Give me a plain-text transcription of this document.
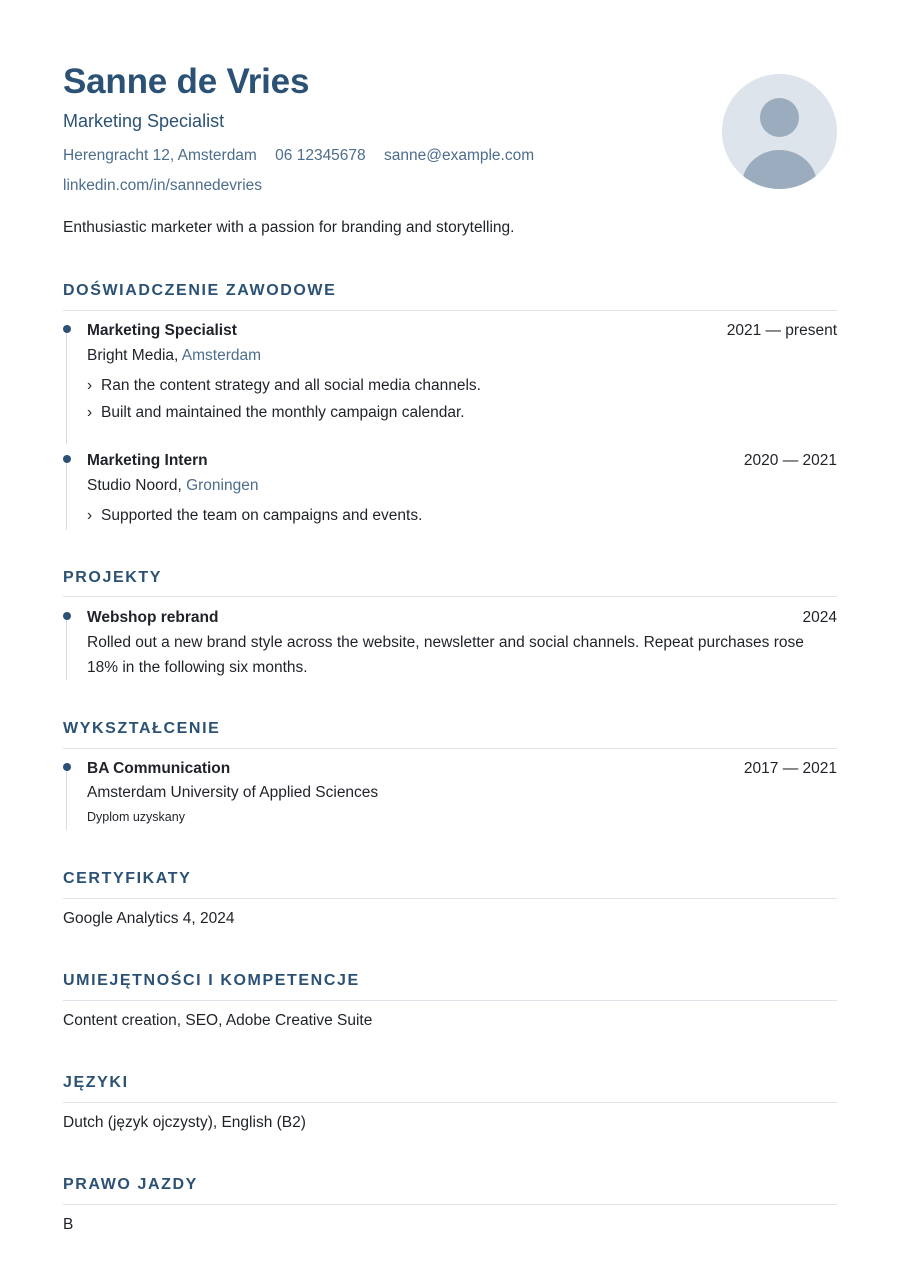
Sanne de Vries
Marketing Specialist
Herengracht 12, Amsterdam 06 12345678 sanne@example.com
linkedin.com/in/sannedevries
Enthusiastic marketer with a passion for branding and storytelling.
DOŚWIADCZENIE ZAWODOWE
Marketing Specialist	2021 — present
Bright Media, Amsterdam
› Ran the content strategy and all social media channels.
› Built and maintained the monthly campaign calendar.
Marketing Intern	2020 — 2021
Studio Noord, Groningen
› Supported the team on campaigns and events.
PROJEKTY
Webshop rebrand	2024
Rolled out a new brand style across the website, newsletter and social channels. Repeat purchases rose 18% in the following six months.
WYKSZTAŁCENIE
BA Communication	2017 — 2021
Amsterdam University of Applied Sciences
Dyplom uzyskany
CERTYFIKATY
Google Analytics 4, 2024
UMIEJĘTNOŚCI I KOMPETENCJE
Content creation, SEO, Adobe Creative Suite
JĘZYKI
Dutch (język ojczysty), English (B2)
PRAWO JAZDY
B
